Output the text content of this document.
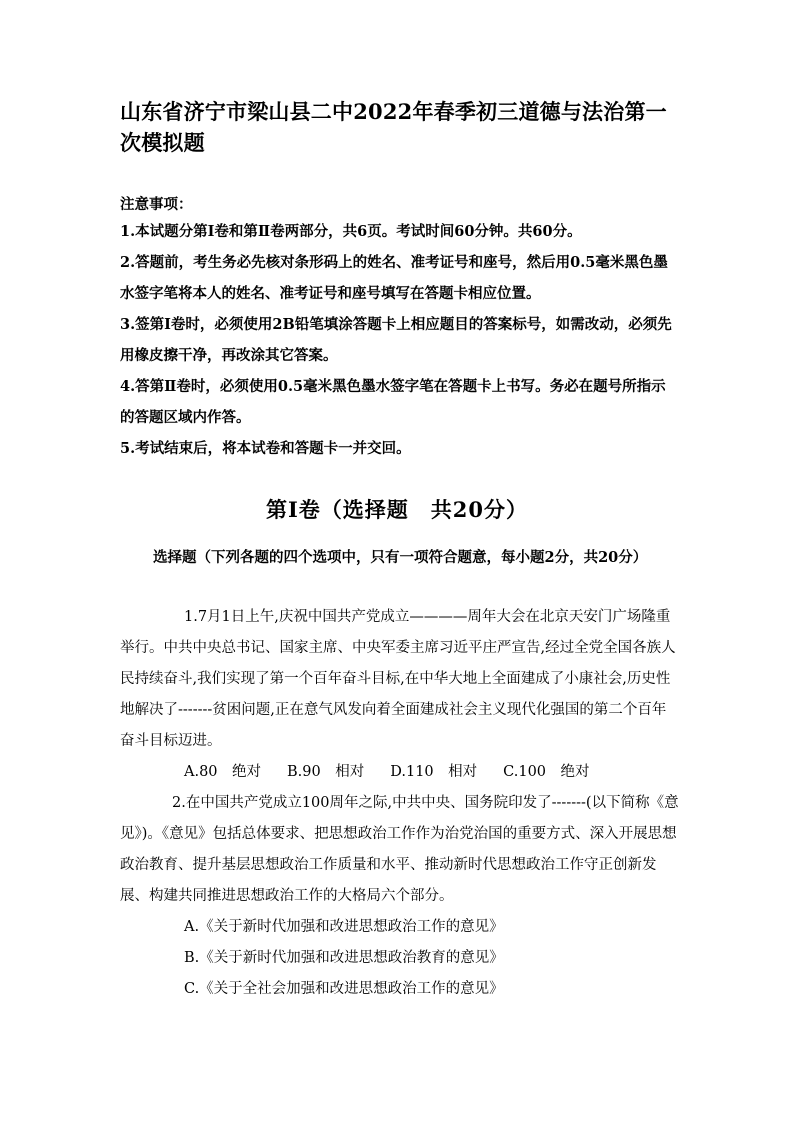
山东省济宁市梁山县二中2022年春季初三道德与法治第一次模拟题

注意事项：

1.本试题分第Ⅰ卷和第Ⅱ卷两部分，共6页。考试时间60分钟。共60分。

2.答题前，考生务必先核对条形码上的姓名、准考证号和座号，然后用0.5毫米黑色墨水签字笔将本人的姓名、准考证号和座号填写在答题卡相应位置。

3.签第Ⅰ卷时，必须使用2B铅笔填涂答题卡上相应题目的答案标号，如需改动，必须先用橡皮擦干净，再改涂其它答案。

4.答第Ⅱ卷时，必须使用0.5毫米黑色墨水签字笔在答题卡上书写。务必在题号所指示的答题区域内作答。

5.考试结束后，将本试卷和答题卡一并交回。

第Ⅰ卷（选择题　共20分）
选择题（下列各题的四个选项中，只有一项符合题意，每小题2分，共20分）

1.7月1日上午,庆祝中国共产党成立————周年大会在北京天安门广场隆重举行。中共中央总书记、国家主席、中央军委主席习近平庄严宣告,经过全党全国各族人民持续奋斗,我们实现了第一个百年奋斗目标,在中华大地上全面建成了小康社会,历史性地解决了-------贫困问题,正在意气风发向着全面建成社会主义现代化强国的第二个百年奋斗目标迈进。

A.80　绝对 B.90　相对 D.110　相对 C.100　绝对

2.在中国共产党成立100周年之际,中共中央、国务院印发了-------(以下简称《意见》)。《意见》包括总体要求、把思想政治工作作为治党治国的重要方式、深入开展思想政治教育、提升基层思想政治工作质量和水平、推动新时代思想政治工作守正创新发展、构建共同推进思想政治工作的大格局六个部分。

A.《关于新时代加强和改进思想政治工作的意见》

B.《关于新时代加强和改进思想政治教育的意见》

C.《关于全社会加强和改进思想政治工作的意见》
